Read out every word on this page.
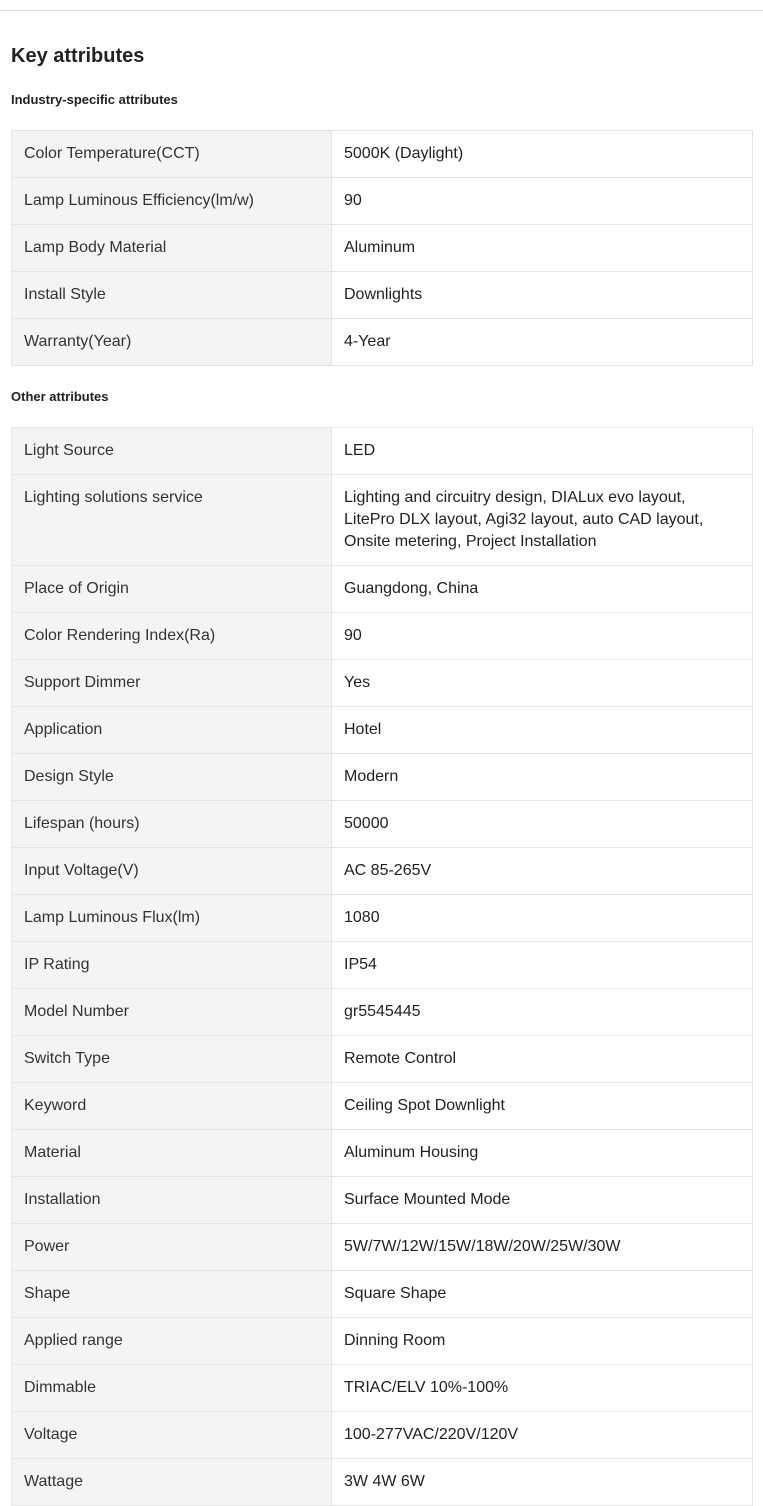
Key attributes
Industry-specific attributes
Color Temperature(CCT)	5000K (Daylight)
Lamp Luminous Efficiency(lm/w)	90
Lamp Body Material	Aluminum
Install Style	Downlights
Warranty(Year)	4-Year
Other attributes
Light Source	LED
Lighting solutions service	Lighting and circuitry design, DIALux evo layout, LitePro DLX layout, Agi32 layout, auto CAD layout, Onsite metering, Project Installation
Place of Origin	Guangdong, China
Color Rendering Index(Ra)	90
Support Dimmer	Yes
Application	Hotel
Design Style	Modern
Lifespan (hours)	50000
Input Voltage(V)	AC 85-265V
Lamp Luminous Flux(lm)	1080
IP Rating	IP54
Model Number	gr5545445
Switch Type	Remote Control
Keyword	Ceiling Spot Downlight
Material	Aluminum Housing
Installation	Surface Mounted Mode
Power	5W/7W/12W/15W/18W/20W/25W/30W
Shape	Square Shape
Applied range	Dinning Room
Dimmable	TRIAC/ELV 10%-100%
Voltage	100-277VAC/220V/120V
Wattage	3W 4W 6W
